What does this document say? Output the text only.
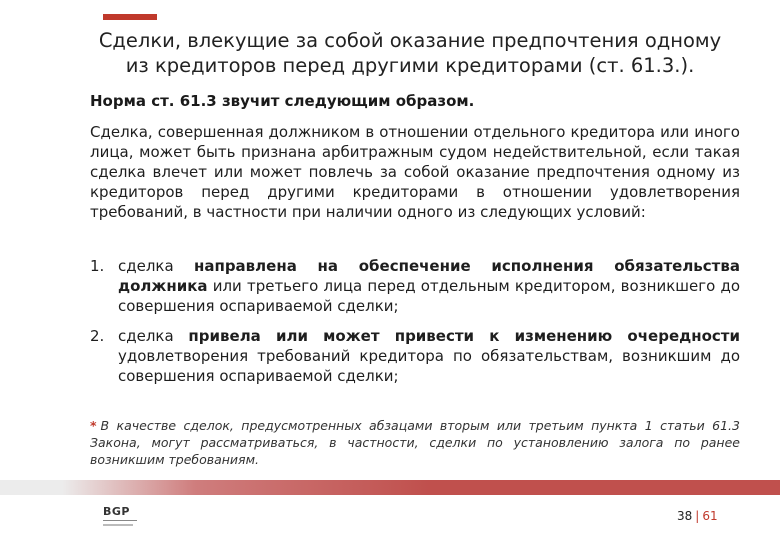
Сделки, влекущие за собой оказание предпочтения одному
из кредиторов перед другими кредиторами (ст. 61.3.).
Норма ст. 61.3 звучит следующим образом.
Сделка, совершенная должником в отношении отдельного кредитора или иного лица, может быть признана арбитражным судом недействительной, если такая сделка влечет или может повлечь за собой оказание предпочтения одному из кредиторов перед другими кредиторами в отношении удовлетворения требований, в частности при наличии одного из следующих условий:
1. сделка направлена на обеспечение исполнения обязательства должника или третьего лица перед отдельным кредитором, возникшего до совершения оспариваемой сделки;
2. сделка привела или может привести к изменению очередности удовлетворения требований кредитора по обязательствам, возникшим до совершения оспариваемой сделки;
* В качестве сделок, предусмотренных абзацами вторым или третьим пункта 1 статьи 61.3 Закона, могут рассматриваться, в частности, сделки по установлению залога по ранее возникшим требованиям.
BGP	38 | 61
